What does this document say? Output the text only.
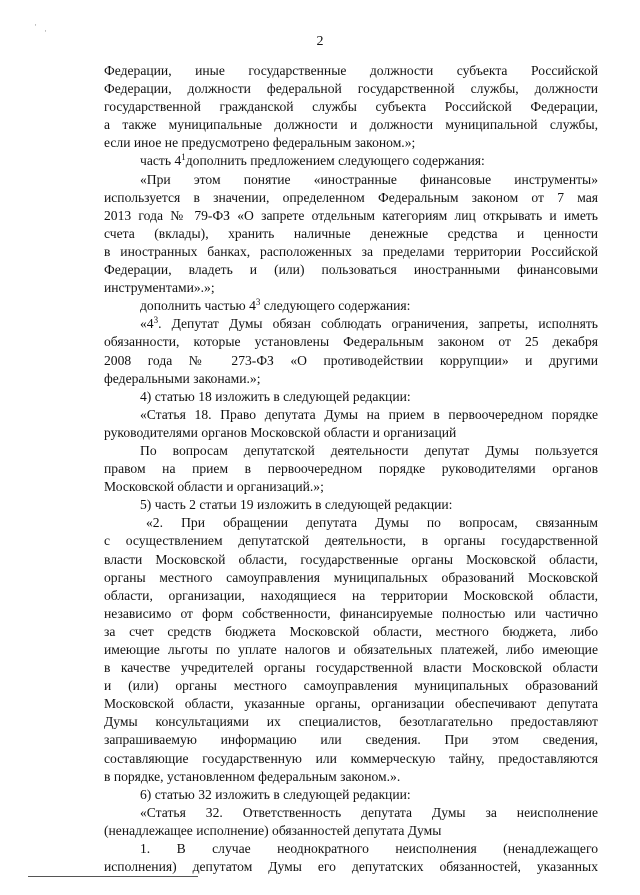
·
·
2
Федерации, иные государственные должности субъекта Российской
Федерации, должности федеральной государственной службы, должности
государственной гражданской службы субъекта Российской Федерации,
а также муниципальные должности и должности муниципальной службы,
если иное не предусмотрено федеральным законом.»;
часть $4^1дополнить$ предложением следующего содержания:
«При этом понятие «иностранные финансовые инструменты»
используется в значении, определенном Федеральным законом от 7 мая
2013 года № 79-ФЗ «О запрете отдельным категориям лиц открывать и иметь
счета (вклады), хранить наличные денежные средства и ценности
в иностранных банках, расположенных за пределами территории Российской
Федерации, владеть и (или) пользоваться иностранными финансовыми
инструментами».»;
дополнить частью $4^3$ следующего содержания:
«$4^3$. Депутат Думы обязан соблюдать ограничения, запреты, исполнять
обязанности, которые установлены Федеральным законом от 25 декабря
2008 года № 273-ФЗ «О противодействии коррупции» и другими
федеральными законами.»;
4) статью 18 изложить в следующей редакции:
«Статья 18. Право депутата Думы на прием в первоочередном порядке
руководителями органов Московской области и организаций
По вопросам депутатской деятельности депутат Думы пользуется
правом на прием в первоочередном порядке руководителями органов
Московской области и организаций.»;
5) часть 2 статьи 19 изложить в следующей редакции:
«2. При обращении депутата Думы по вопросам, связанным
с осуществлением депутатской деятельности, в органы государственной
власти Московской области, государственные органы Московской области,
органы местного самоуправления муниципальных образований Московской
области, организации, находящиеся на территории Московской области,
независимо от форм собственности, финансируемые полностью или частично
за счет средств бюджета Московской области, местного бюджета, либо
имеющие льготы по уплате налогов и обязательных платежей, либо имеющие
в качестве учредителей органы государственной власти Московской области
и (или) органы местного самоуправления муниципальных образований
Московской области, указанные органы, организации обеспечивают депутата
Думы консультациями их специалистов, безотлагательно предоставляют
запрашиваемую информацию или сведения. При этом сведения,
составляющие государственную или коммерческую тайну, предоставляются
в порядке, установленном федеральным законом.».
6) статью 32 изложить в следующей редакции:
«Статья 32. Ответственность депутата Думы за неисполнение
(ненадлежащее исполнение) обязанностей депутата Думы
1. В случае неоднократного неисполнения (ненадлежащего
исполнения) депутатом Думы его депутатских обязанностей, указанных
